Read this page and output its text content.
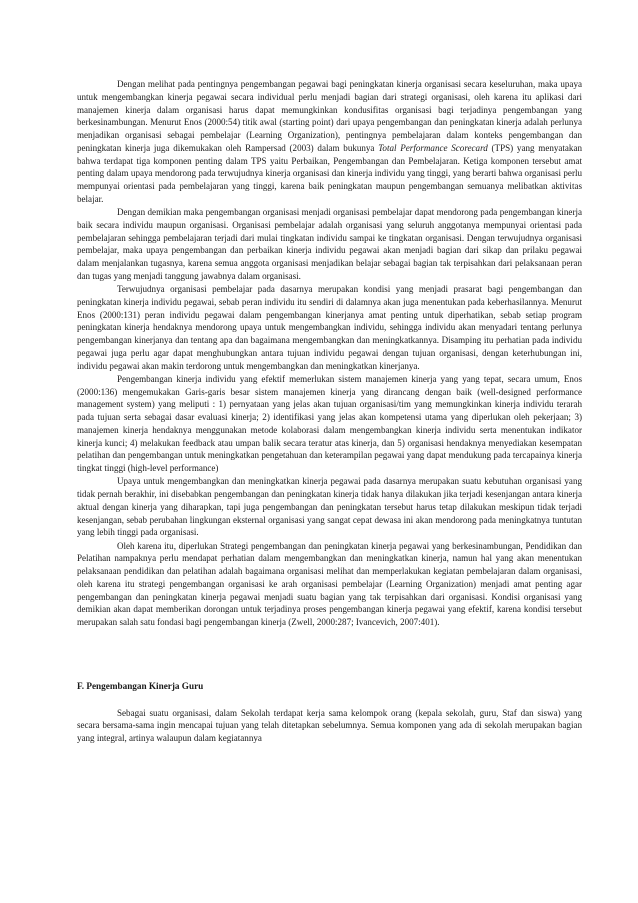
Dengan melihat pada pentingnya pengembangan pegawai bagi peningkatan kinerja organisasi secara keseluruhan, maka upaya untuk mengembangkan kinerja pegawai secara individual perlu menjadi bagian dari strategi organisasi, oleh karena itu aplikasi dari manajemen kinerja dalam organisasi harus dapat memungkinkan kondusifitas organisasi bagi terjadinya pengembangan yang berkesinambungan. Menurut Enos (2000:54) titik awal (starting point) dari upaya pengembangan dan peningkatan kinerja adalah perlunya menjadikan organisasi sebagai pembelajar (Learning Organization), pentingnya pembelajaran dalam konteks pengembangan dan peningkatan kinerja juga dikemukakan oleh Rampersad (2003) dalam bukunya Total Performance Scorecard (TPS) yang menyatakan bahwa terdapat tiga komponen penting dalam TPS yaitu Perbaikan, Pengembangan dan Pembelajaran. Ketiga komponen tersebut amat penting dalam upaya mendorong pada terwujudnya kinerja organisasi dan kinerja individu yang tinggi, yang berarti bahwa organisasi perlu mempunyai orientasi pada pembelajaran yang tinggi, karena baik peningkatan maupun pengembangan semuanya melibatkan aktivitas belajar.

Dengan demikian maka pengembangan organisasi menjadi organisasi pembelajar dapat mendorong pada pengembangan kinerja baik secara individu maupun organisasi. Organisasi pembelajar adalah organisasi yang seluruh anggotanya mempunyai orientasi pada pembelajaran sehingga pembelajaran terjadi dari mulai tingkatan individu sampai ke tingkatan organisasi. Dengan terwujudnya organisasi pembelajar, maka upaya pengembangan dan perbaikan kinerja individu pegawai akan menjadi bagian dari sikap dan prilaku pegawai dalam menjalankan tugasnya, karena semua anggota organisasi menjadikan belajar sebagai bagian tak terpisahkan dari pelaksanaan peran dan tugas yang menjadi tanggung jawabnya dalam organisasi.

Terwujudnya organisasi pembelajar pada dasarnya merupakan kondisi yang menjadi prasarat bagi pengembangan dan peningkatan kinerja individu pegawai, sebab peran individu itu sendiri di dalamnya akan juga menentukan pada keberhasilannya. Menurut Enos (2000:131) peran individu pegawai dalam pengembangan kinerjanya amat penting untuk diperhatikan, sebab setiap program peningkatan kinerja hendaknya mendorong upaya untuk mengembangkan individu, sehingga individu akan menyadari tentang perlunya pengembangan kinerjanya dan tentang apa dan bagaimana mengembangkan dan meningkatkannya. Disamping itu perhatian pada individu pegawai juga perlu agar dapat menghubungkan antara tujuan individu pegawai dengan tujuan organisasi, dengan keterhubungan ini, individu pegawai akan makin terdorong untuk mengembangkan dan meningkatkan kinerjanya.

Pengembangan kinerja individu yang efektif memerlukan sistem manajemen kinerja yang yang tepat, secara umum, Enos (2000:136) mengemukakan Garis-garis besar sistem manajemen kinerja yang dirancang dengan baik (well-designed performance management system) yang meliputi : 1) pernyataan yang jelas akan tujuan organisasi/tim yang memungkinkan kinerja individu terarah pada tujuan serta sebagai dasar evaluasi kinerja; 2) identifikasi yang jelas akan kompetensi utama yang diperlukan oleh pekerjaan; 3) manajemen kinerja hendaknya menggunakan metode kolaborasi dalam mengembangkan kinerja individu serta menentukan indikator kinerja kunci; 4) melakukan feedback atau umpan balik secara teratur atas kinerja, dan 5) organisasi hendaknya menyediakan kesempatan pelatihan dan pengembangan untuk meningkatkan pengetahuan dan keterampilan pegawai yang dapat mendukung pada tercapainya kinerja tingkat tinggi (high-level performance)

Upaya untuk mengembangkan dan meningkatkan kinerja pegawai pada dasarnya merupakan suatu kebutuhan organisasi yang tidak pernah berakhir, ini disebabkan pengembangan dan peningkatan kinerja tidak hanya dilakukan jika terjadi kesenjangan antara kinerja aktual dengan kinerja yang diharapkan, tapi juga pengembangan dan peningkatan tersebut harus tetap dilakukan meskipun tidak terjadi kesenjangan, sebab perubahan lingkungan eksternal organisasi yang sangat cepat dewasa ini akan mendorong pada meningkatnya tuntutan yang lebih tinggi pada organisasi.

Oleh karena itu, diperlukan Strategi pengembangan dan peningkatan kinerja pegawai yang berkesinambungan, Pendidikan dan Pelatihan nampaknya perlu mendapat perhatian dalam mengembangkan dan meningkatkan kinerja, namun hal yang akan menentukan pelaksanaan pendidikan dan pelatihan adalah bagaimana organisasi melihat dan memperlakukan kegiatan pembelajaran dalam organisasi, oleh karena itu strategi pengembangan organisasi ke arah organisasi pembelajar (Learning Organization) menjadi amat penting agar pengembangan dan peningkatan kinerja pegawai menjadi suatu bagian yang tak terpisahkan dari organisasi. Kondisi organisasi yang demikian akan dapat memberikan dorongan untuk terjadinya proses pengembangan kinerja pegawai yang efektif, karena kondisi tersebut merupakan salah satu fondasi bagi pengembangan kinerja (Zwell, 2000:287; Ivancevich, 2007:401).

F. Pengembangan Kinerja Guru

Sebagai suatu organisasi, dalam Sekolah terdapat kerja sama kelompok orang (kepala sekolah, guru, Staf dan siswa) yang secara bersama-sama ingin mencapai tujuan yang telah ditetapkan sebelumnya. Semua komponen yang ada di sekolah merupakan bagian yang integral, artinya walaupun dalam kegiatannya
